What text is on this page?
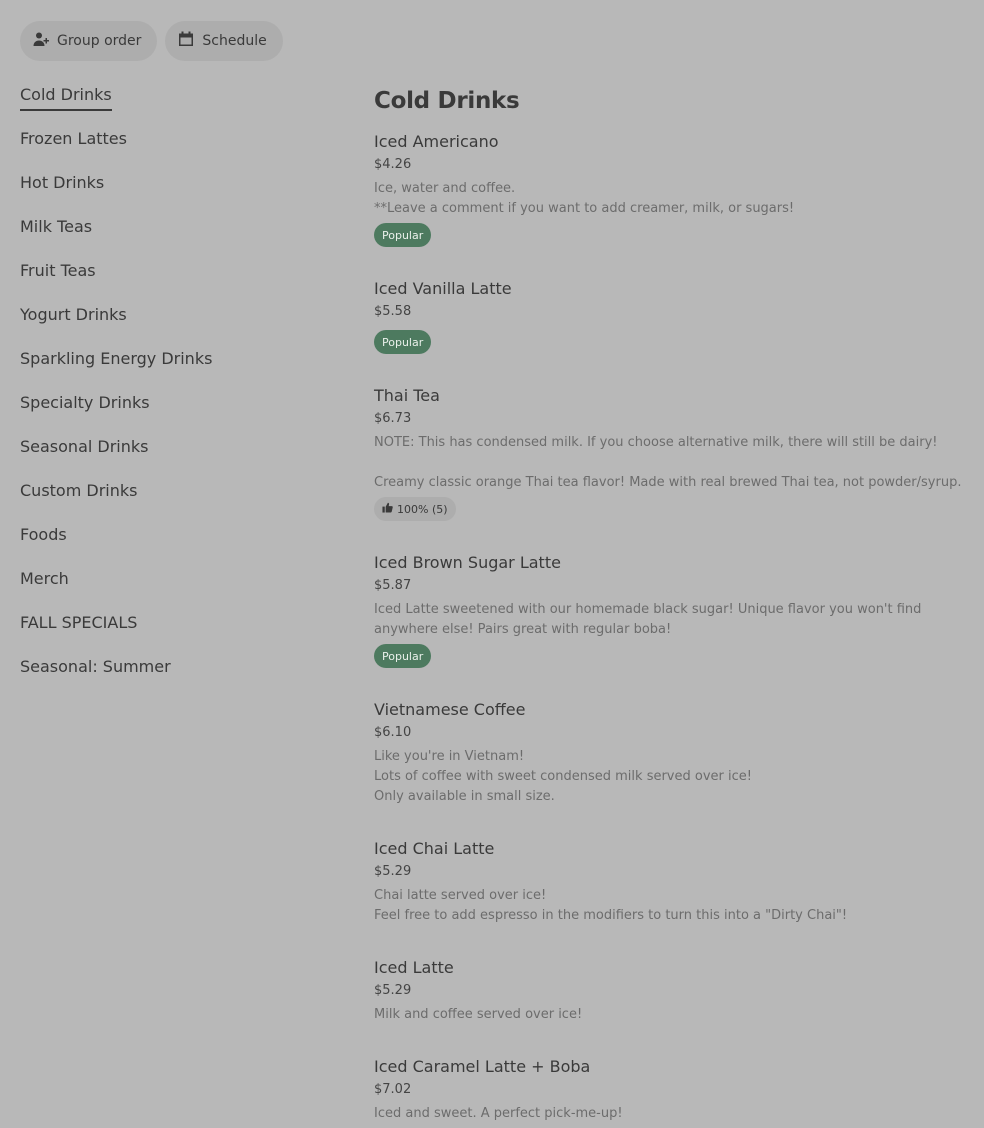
Group order	Schedule
Cold Drinks
Frozen Lattes
Hot Drinks
Milk Teas
Fruit Teas
Yogurt Drinks
Sparkling Energy Drinks
Specialty Drinks
Seasonal Drinks
Custom Drinks
Foods
Merch
FALL SPECIALS
Seasonal: Summer
Cold Drinks
Iced Americano
$4.26
Ice, water and coffee.
**Leave a comment if you want to add creamer, milk, or sugars!
Popular
Iced Vanilla Latte
$5.58
Popular
Thai Tea
$6.73
NOTE: This has condensed milk. If you choose alternative milk, there will still be dairy!

Creamy classic orange Thai tea flavor! Made with real brewed Thai tea, not powder/syrup.
100% (5)
Iced Brown Sugar Latte
$5.87
Iced Latte sweetened with our homemade black sugar! Unique flavor you won't find anywhere else! Pairs great with regular boba!
Popular
Vietnamese Coffee
$6.10
Like you're in Vietnam!
Lots of coffee with sweet condensed milk served over ice!
Only available in small size.
Iced Chai Latte
$5.29
Chai latte served over ice!
Feel free to add espresso in the modifiers to turn this into a "Dirty Chai"!
Iced Latte
$5.29
Milk and coffee served over ice!
Iced Caramel Latte + Boba
$7.02
Iced and sweet. A perfect pick-me-up!
